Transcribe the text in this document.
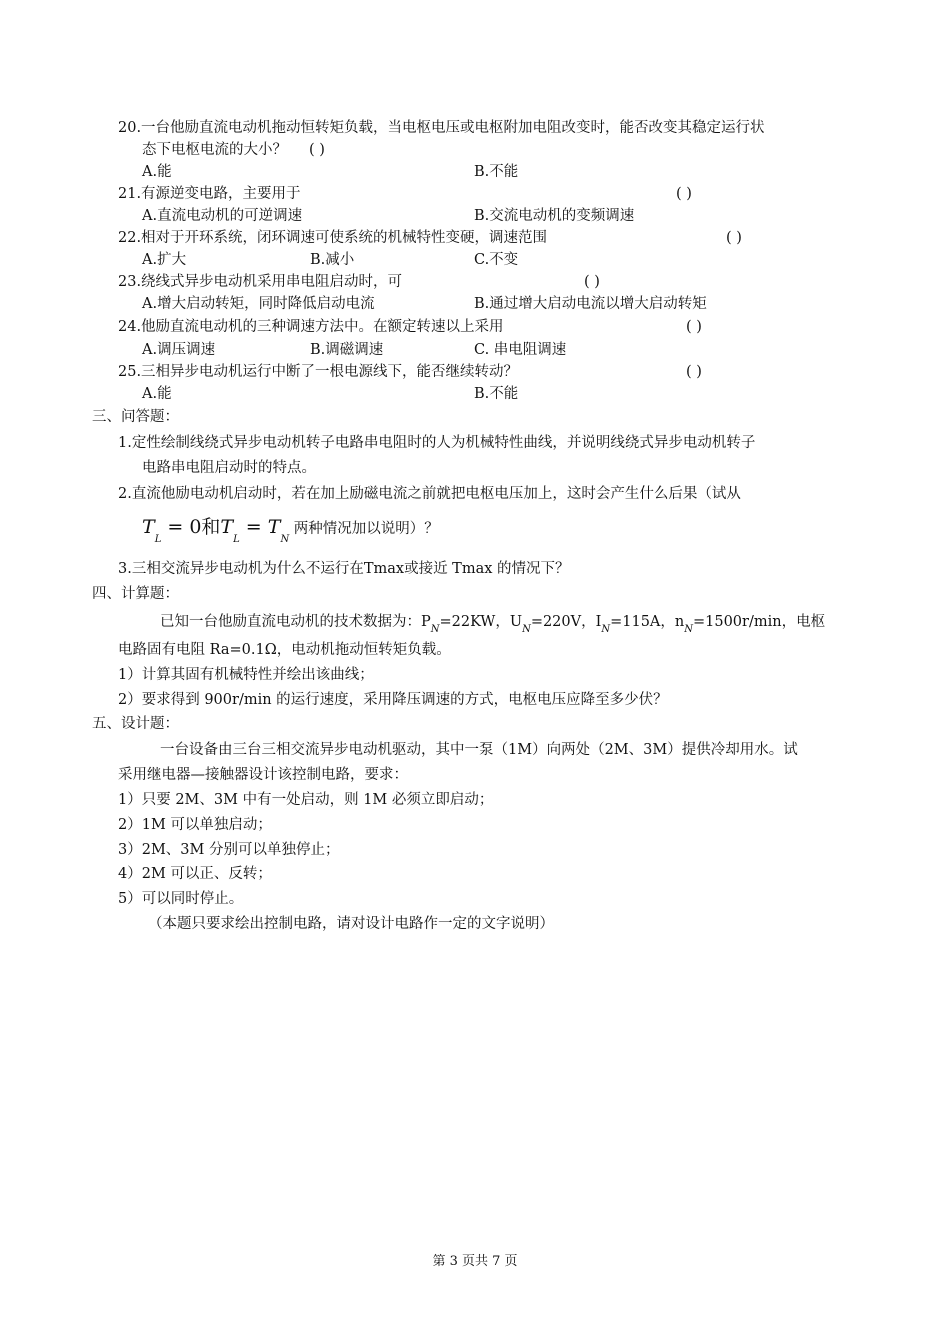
20.一台他励直流电动机拖动恒转矩负载，当电枢电压或电枢附加电阻改变时，能否改变其稳定运行状
态下电枢电流的大小？ ( )
A.能	B.不能
21.有源逆变电路，主要用于	( )
A.直流电动机的可逆调速	B.交流电动机的变频调速
22.相对于开环系统，闭环调速可使系统的机械特性变硬，调速范围	( )
A.扩大	B.减小	C.不变
23.绕线式异步电动机采用串电阻启动时，可	( )
A.增大启动转矩，同时降低启动电流	B.通过增大启动电流以增大启动转矩
24.他励直流电动机的三种调速方法中。在额定转速以上采用	( )
A.调压调速	B.调磁调速	C. 串电阻调速
25.三相异步电动机运行中断了一根电源线下，能否继续转动？	( )
A.能	B.不能
三、问答题：
1.定性绘制线绕式异步电动机转子电路串电阻时的人为机械特性曲线，并说明线绕式异步电动机转子
电路串电阻启动时的特点。
2.直流他励电动机启动时，若在加上励磁电流之前就把电枢电压加上，这时会产生什么后果（试从
$T_L = 0$和$T_L = T_N$ 两种情况加以说明）？
3.三相交流异步电动机为什么不运行在Tmax或接近 Tmax 的情况下？
四、计算题：
已知一台他励直流电动机的技术数据为：$P_N=22KW$，$U_N=220V$，$I_N=115A$，$n_N=1500r/\min$，电枢
电路固有电阻 Ra=0.1Ω，电动机拖动恒转矩负载。
1）计算其固有机械特性并绘出该曲线；
2）要求得到 900r/min 的运行速度，采用降压调速的方式，电枢电压应降至多少伏？
五、设计题：
一台设备由三台三相交流异步电动机驱动，其中一泵（1M）向两处（2M、3M）提供冷却用水。试
采用继电器—接触器设计该控制电路，要求：
1）只要 2M、3M 中有一处启动，则 1M 必须立即启动；
2）1M 可以单独启动；
3）2M、3M 分别可以单独停止；
4）2M 可以正、反转；
5）可以同时停止。
（本题只要求绘出控制电路，请对设计电路作一定的文字说明）
第 3 页共 7 页
